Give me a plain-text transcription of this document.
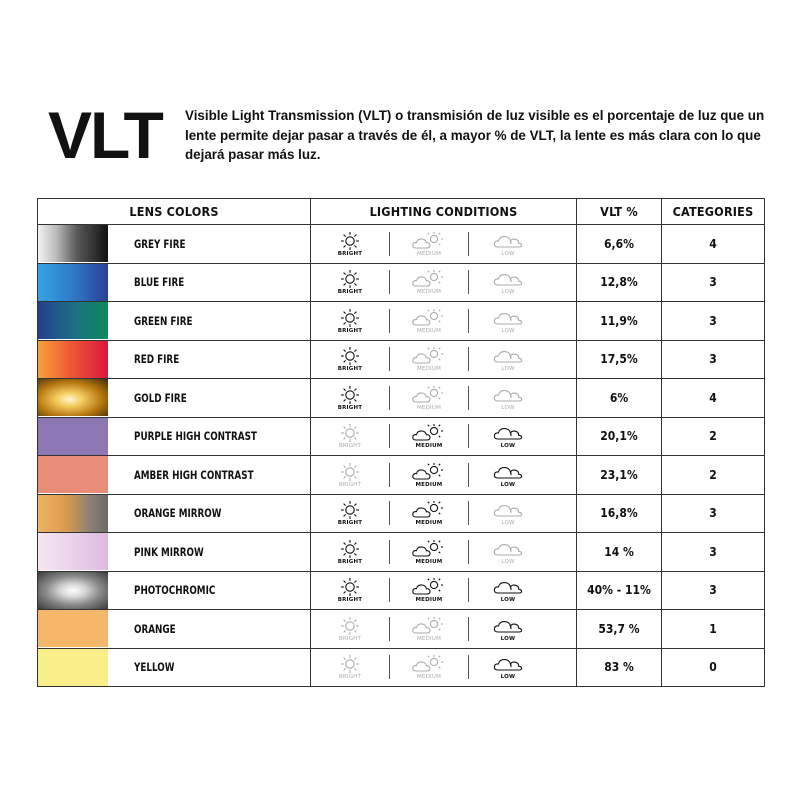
VLT Visible Light Transmission (VLT) o transmisión de luz visible es el porcentaje de luz que un lente permite dejar pasar a través de él, a mayor % de VLT, la lente es más clara con lo que dejará pasar más luz.
LENS COLORS	LIGHTING CONDITIONS	VLT %	CATEGORIES

GREY FIRE	BRIGHT MEDIUM LOW	6,6%	4

BLUE FIRE	BRIGHT MEDIUM LOW	12,8%	3

GREEN FIRE	BRIGHT MEDIUM LOW	11,9%	3

RED FIRE	BRIGHT MEDIUM LOW	17,5%	3

GOLD FIRE	BRIGHT MEDIUM LOW	6%	4

PURPLE HIGH CONTRAST	BRIGHT MEDIUM LOW	20,1%	2

AMBER HIGH CONTRAST	BRIGHT MEDIUM LOW	23,1%	2

ORANGE MIRROW	BRIGHT MEDIUM LOW	16,8%	3

PINK MIRROW	BRIGHT MEDIUM LOW	14 %	3

PHOTOCHROMIC	BRIGHT MEDIUM LOW	40% - 11%	3

ORANGE	BRIGHT MEDIUM LOW	53,7 %	1

YELLOW	BRIGHT MEDIUM LOW	83 %	0
